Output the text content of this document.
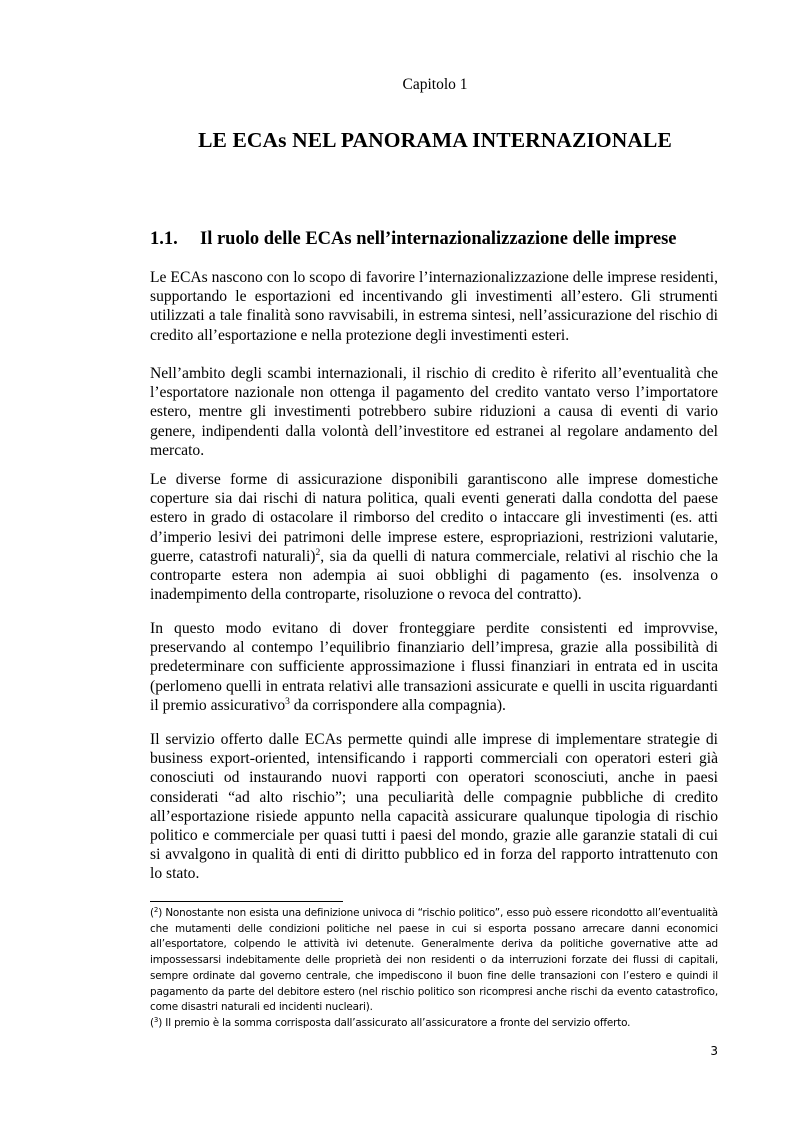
Capitolo 1
LE ECAs NEL PANORAMA INTERNAZIONALE
1.1. Il ruolo delle ECAs nell’internazionalizzazione delle imprese

Le ECAs nascono con lo scopo di favorire l’internazionalizzazione delle imprese residenti, supportando le esportazioni ed incentivando gli investimenti all’estero. Gli strumenti utilizzati a tale finalità sono ravvisabili, in estrema sintesi, nell’assicurazione del rischio di credito all’esportazione e nella protezione degli investimenti esteri.

Nell’ambito degli scambi internazionali, il rischio di credito è riferito all’eventualità che l’esportatore nazionale non ottenga il pagamento del credito vantato verso l’importatore estero, mentre gli investimenti potrebbero subire riduzioni a causa di eventi di vario genere, indipendenti dalla volontà dell’investitore ed estranei al regolare andamento del mercato.

Le diverse forme di assicurazione disponibili garantiscono alle imprese domestiche coperture sia dai rischi di natura politica, quali eventi generati dalla condotta del paese estero in grado di ostacolare il rimborso del credito o intaccare gli investimenti (es. atti d’imperio lesivi dei patrimoni delle imprese estere, espropriazioni, restrizioni valutarie, guerre, catastrofi naturali)$^2$, sia da quelli di natura commerciale, relativi al rischio che la controparte estera non adempia ai suoi obblighi di pagamento (es. insolvenza o inadempimento della controparte, risoluzione o revoca del contratto).

In questo modo evitano di dover fronteggiare perdite consistenti ed improvvise, preservando al contempo l’equilibrio finanziario dell’impresa, grazie alla possibilità di predeterminare con sufficiente approssimazione i flussi finanziari in entrata ed in uscita (perlomeno quelli in entrata relativi alle transazioni assicurate e quelli in uscita riguardanti il premio assicurativo$^3$ da corrispondere alla compagnia).

Il servizio offerto dalle ECAs permette quindi alle imprese di implementare strategie di business export-oriented, intensificando i rapporti commerciali con operatori esteri già conosciuti od instaurando nuovi rapporti con operatori sconosciuti, anche in paesi considerati “ad alto rischio”; una peculiarità delle compagnie pubbliche di credito all’esportazione risiede appunto nella capacità assicurare qualunque tipologia di rischio politico e commerciale per quasi tutti i paesi del mondo, grazie alle garanzie statali di cui si avvalgono in qualità di enti di diritto pubblico ed in forza del rapporto intrattenuto con lo stato.

($^2$) Nonostante non esista una definizione univoca di “rischio politico”, esso può essere ricondotto all’eventualità che mutamenti delle condizioni politiche nel paese in cui si esporta possano arrecare danni economici all’esportatore, colpendo le attività ivi detenute. Generalmente deriva da politiche governative atte ad impossessarsi indebitamente delle proprietà dei non residenti o da interruzioni forzate dei flussi di capitali, sempre ordinate dal governo centrale, che impediscono il buon fine delle transazioni con l’estero e quindi il pagamento da parte del debitore estero (nel rischio politico son ricompresi anche rischi da evento catastrofico, come disastri naturali ed incidenti nucleari).

($^3$) Il premio è la somma corrisposta dall’assicurato all’assicuratore a fronte del servizio offerto.

3
